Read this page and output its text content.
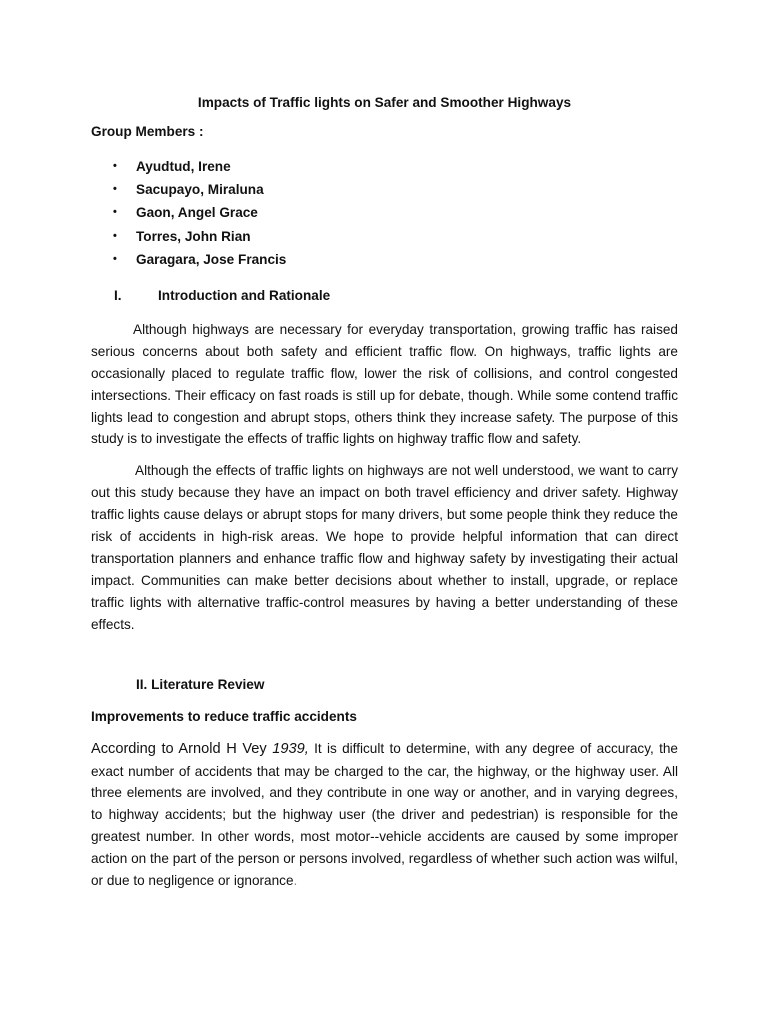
Impacts of Traffic lights on Safer and Smoother Highways
Group Members :
• Ayudtud, Irene
• Sacupayo, Miraluna
• Gaon, Angel Grace
• Torres, John Rian
• Garagara, Jose Francis
I.	Introduction and Rationale

Although highways are necessary for everyday transportation, growing traffic has raised serious concerns about both safety and efficient traffic flow. On highways, traffic lights are occasionally placed to regulate traffic flow, lower the risk of collisions, and control congested intersections. Their efficacy on fast roads is still up for debate, though. While some contend traffic lights lead to congestion and abrupt stops, others think they increase safety. The purpose of this study is to investigate the effects of traffic lights on highway traffic flow and safety.

Although the effects of traffic lights on highways are not well understood, we want to carry out this study because they have an impact on both travel efficiency and driver safety. Highway traffic lights cause delays or abrupt stops for many drivers, but some people think they reduce the risk of accidents in high-risk areas. We hope to provide helpful information that can direct transportation planners and enhance traffic flow and highway safety by investigating their actual impact. Communities can make better decisions about whether to install, upgrade, or replace traffic lights with alternative traffic-control measures by having a better understanding of these effects.

II. Literature Review
Improvements to reduce traffic accidents

According to Arnold H Vey 1939, It is difficult to determine, with any degree of accuracy, the exact number of accidents that may be charged to the car, the highway, or the highway user. All three elements are involved, and they contribute in one way or another, and in varying degrees, to highway accidents; but the highway user (the driver and pedestrian) is responsible for the greatest number. In other words, most motor--vehicle accidents are caused by some improper action on the part of the person or persons involved, regardless of whether such action was wilful, or due to negligence or ignorance.
